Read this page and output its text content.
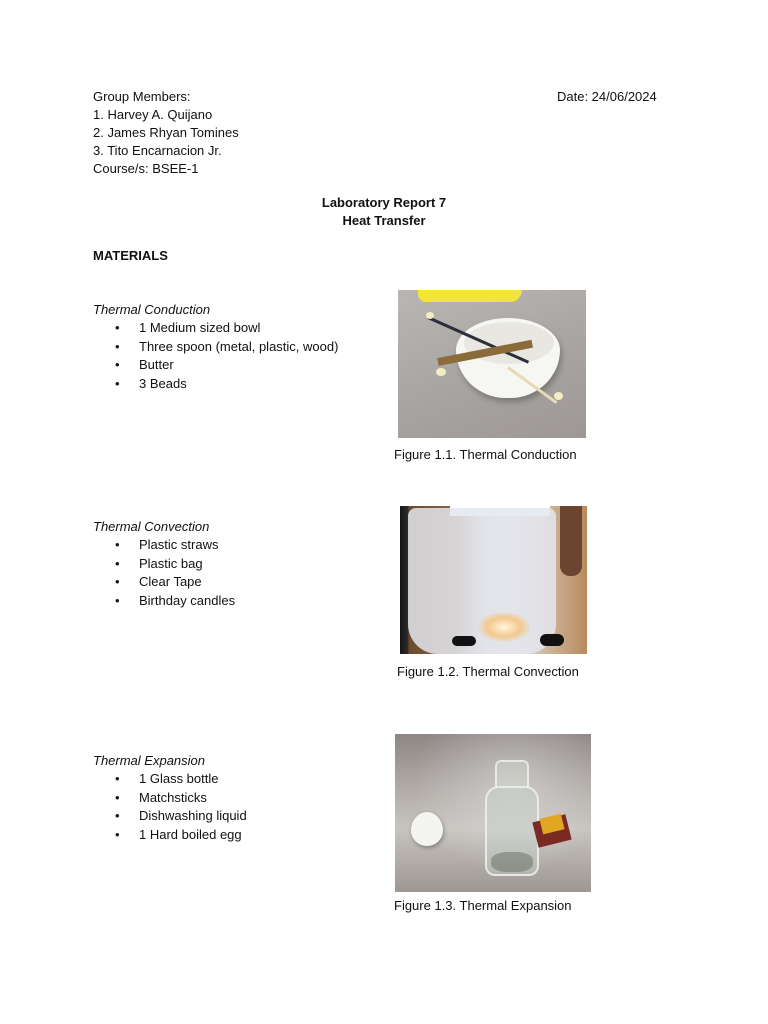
Group Members:
1. Harvey A. Quijano
2. James Rhyan Tomines
3. Tito Encarnacion Jr.
Course/s: BSEE-1
Date: 24/06/2024
Laboratory Report 7
Heat Transfer
MATERIALS
Thermal Conduction
• 1 Medium sized bowl
• Three spoon (metal, plastic, wood)
• Butter
• 3 Beads
Figure 1.1. Thermal Conduction
Thermal Convection
• Plastic straws
• Plastic bag
• Clear Tape
• Birthday candles
Figure 1.2. Thermal Convection
Thermal Expansion
• 1 Glass bottle
• Matchsticks
• Dishwashing liquid
• 1 Hard boiled egg
Figure 1.3. Thermal Expansion
